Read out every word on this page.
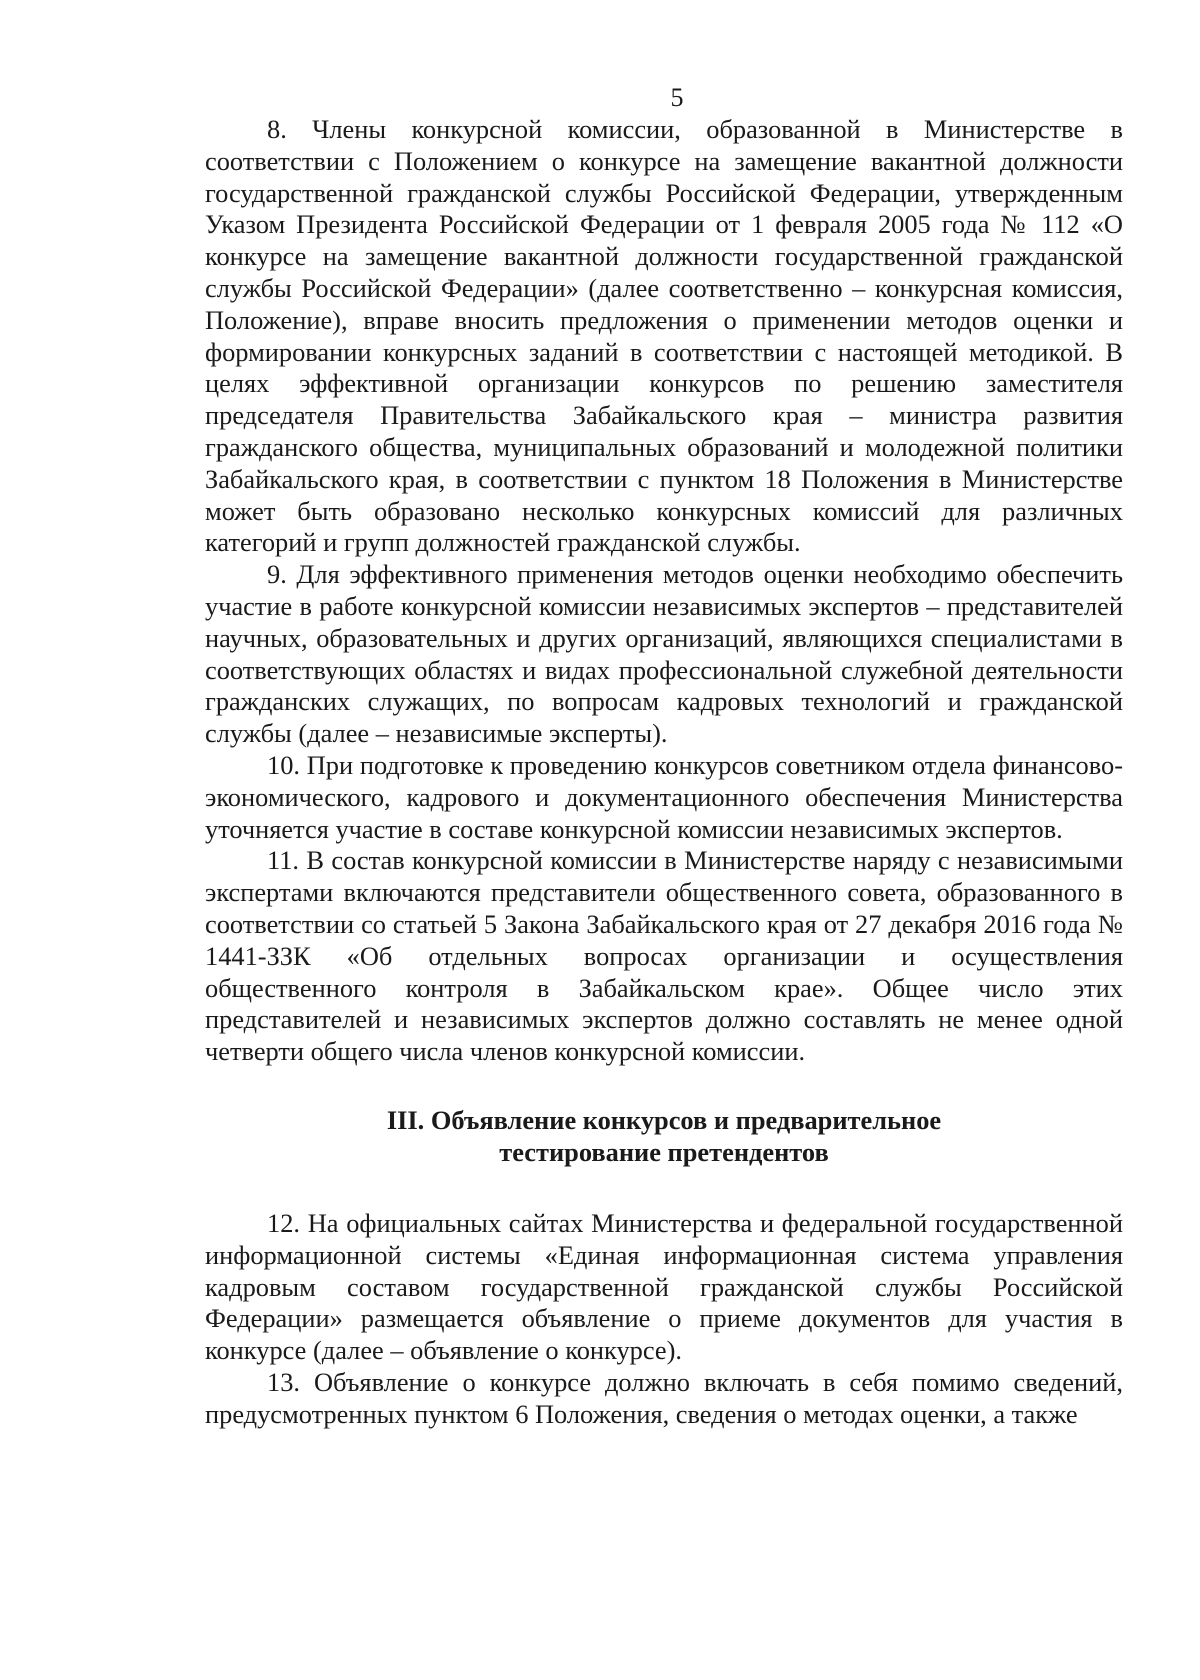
5

8. Члены конкурсной комиссии, образованной в Министерстве в соответствии с Положением о конкурсе на замещение вакантной должности государственной гражданской службы Российской Федерации, утвержденным Указом Президента Российской Федерации от 1 февраля 2005 года № 112 «О конкурсе на замещение вакантной должности государственной гражданской службы Российской Федерации» (далее соответственно – конкурсная комиссия, Положение), вправе вносить предложения о применении методов оценки и формировании конкурсных заданий в соответствии с настоящей методикой. В целях эффективной организации конкурсов по решению заместителя председателя Правительства Забайкальского края – министра развития гражданского общества, муниципальных образований и молодежной политики Забайкальского края, в соответствии с пунктом 18 Положения в Министерстве может быть образовано несколько конкурсных комиссий для различных категорий и групп должностей гражданской службы.

9. Для эффективного применения методов оценки необходимо обеспечить участие в работе конкурсной комиссии независимых экспертов – представителей научных, образовательных и других организаций, являющихся специалистами в соответствующих областях и видах профессиональной служебной деятельности гражданских служащих, по вопросам кадровых технологий и гражданской службы (далее – независимые эксперты).

10. При подготовке к проведению конкурсов советником отдела финансово-экономического, кадрового и документационного обеспечения Министерства уточняется участие в составе конкурсной комиссии независимых экспертов.

11. В состав конкурсной комиссии в Министерстве наряду с независимыми экспертами включаются представители общественного совета, образованного в соответствии со статьей 5 Закона Забайкальского края от 27 декабря 2016 года № 1441-ЗЗК «Об отдельных вопросах организации и осуществления общественного контроля в Забайкальском крае». Общее число этих представителей и независимых экспертов должно составлять не менее одной четверти общего числа членов конкурсной комиссии.

III. Объявление конкурсов и предварительное
тестирование претендентов

12. На официальных сайтах Министерства и федеральной государственной информационной системы «Единая информационная система управления кадровым составом государственной гражданской службы Российской Федерации» размещается объявление о приеме документов для участия в конкурсе (далее – объявление о конкурсе).

13. Объявление о конкурсе должно включать в себя помимо сведений, предусмотренных пунктом 6 Положения, сведения о методах оценки, а также
